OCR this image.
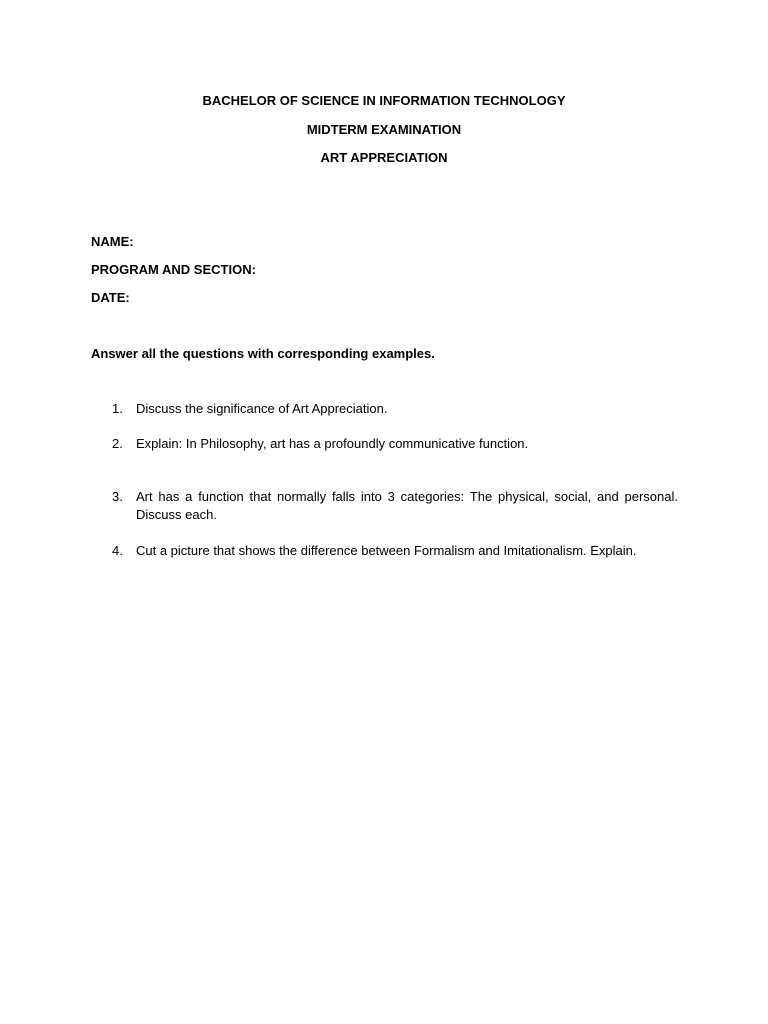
BACHELOR OF SCIENCE IN INFORMATION TECHNOLOGY
MIDTERM EXAMINATION
ART APPRECIATION
NAME:
PROGRAM AND SECTION:
DATE:
Answer all the questions with corresponding examples.
1.	Discuss the significance of Art Appreciation.
2.	Explain: In Philosophy, art has a profoundly communicative function.
3.	Art has a function that normally falls into 3 categories: The physical, social, and personal. Discuss each.
4.	Cut a picture that shows the difference between Formalism and Imitationalism. Explain.
